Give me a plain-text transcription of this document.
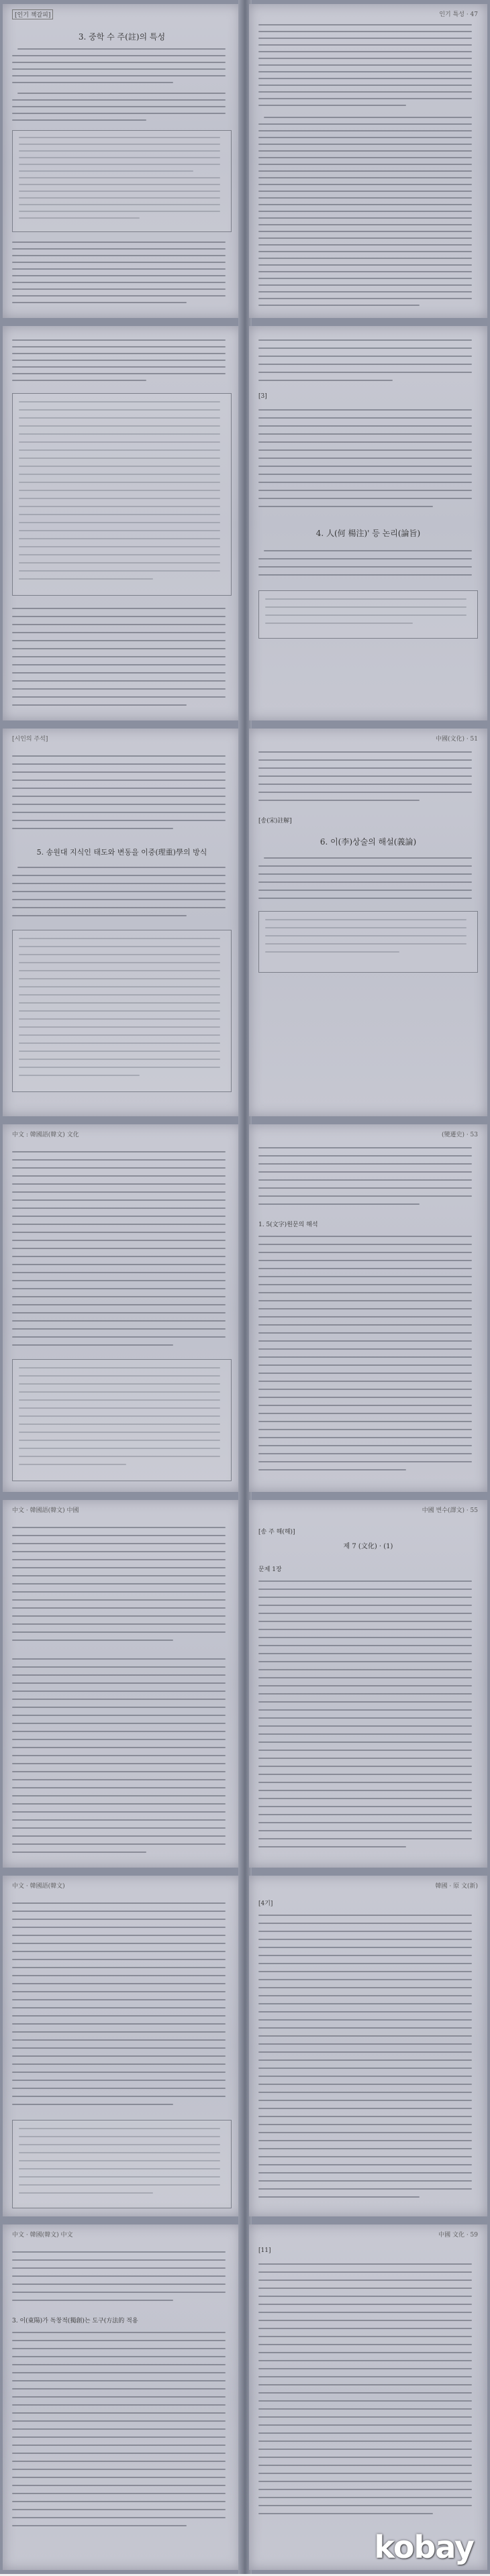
[인기 책갈피]
3. 중학 수 주(註)의 특성
인기 특성 · 47
[3]
4. 人(何 楊注)' 등 논리(論旨)
[시인의 주석]
5. 송원대 지식인 태도와 변동을 이중(理重)學의 방식
中國(文化) · 51
[송(宋)註解]
6. 이(李)상술의 해설(義論)
中文 : 韓國語(韓文) 文化	(變遷史) · 53
1. 5(文字)원문의 해석
中文 · 韓國語(韓文) 中國	中國 변수(譯文) · 55
[송 주 해(해)]
제 7 (文化) · (1)
문제 1장
中文 · 韓國語(韓文)	韓國 · 原 文(新)
[4기]
中文 · 韓國(韓文) 中文
3. 이(東陽)가 독창적(獨創)는 도구(方法的 적용
中國 文化 · 59
[11]
kobay
